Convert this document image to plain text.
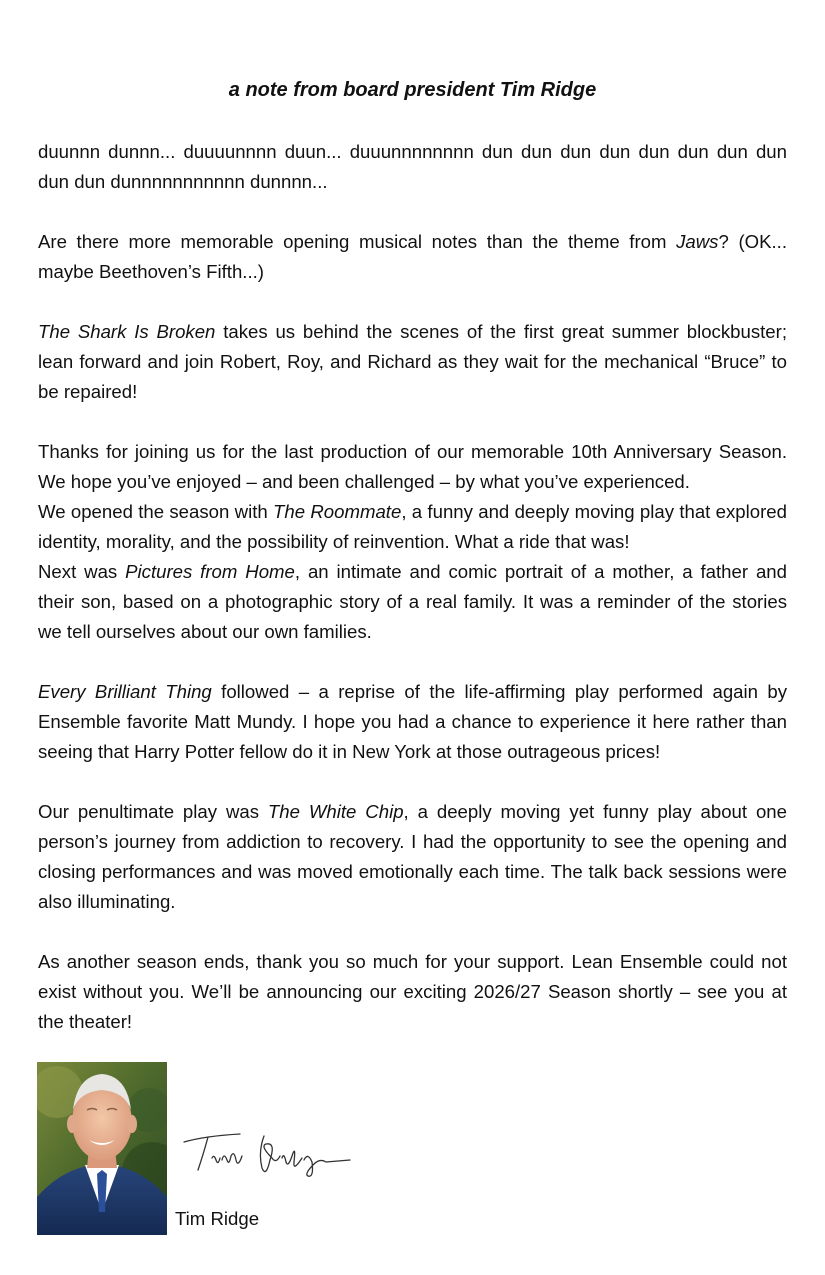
a note from board president Tim Ridge

duunnn dunnn... duuuunnnn duun... duuunnnnnnnn dun dun dun dun dun dun dun dun dun dun dunnnnnnnnnnn dunnnn...

Are there more memorable opening musical notes than the theme from Jaws? (OK... maybe Beethoven’s Fifth...)

The Shark Is Broken takes us behind the scenes of the first great summer blockbuster; lean forward and join Robert, Roy, and Richard as they wait for the mechanical “Bruce” to be repaired!

Thanks for joining us for the last production of our memorable 10th Anniversary Season. We hope you’ve enjoyed – and been challenged – by what you’ve experienced.

We opened the season with The Roommate, a funny and deeply moving play that explored identity, morality, and the possibility of reinvention. What a ride that was!

Next was Pictures from Home, an intimate and comic portrait of a mother, a father and their son, based on a photographic story of a real family. It was a reminder of the stories we tell ourselves about our own families.

Every Brilliant Thing followed – a reprise of the life-affirming play performed again by Ensemble favorite Matt Mundy. I hope you had a chance to experience it here rather than seeing that Harry Potter fellow do it in New York at those outrageous prices!

Our penultimate play was The White Chip, a deeply moving yet funny play about one person’s journey from addiction to recovery. I had the opportunity to see the opening and closing performances and was moved emotionally each time. The talk back sessions were also illuminating.

As another season ends, thank you so much for your support. Lean Ensemble could not exist without you. We’ll be announcing our exciting 2026/27 Season shortly – see you at the theater!

Tim Ridge
